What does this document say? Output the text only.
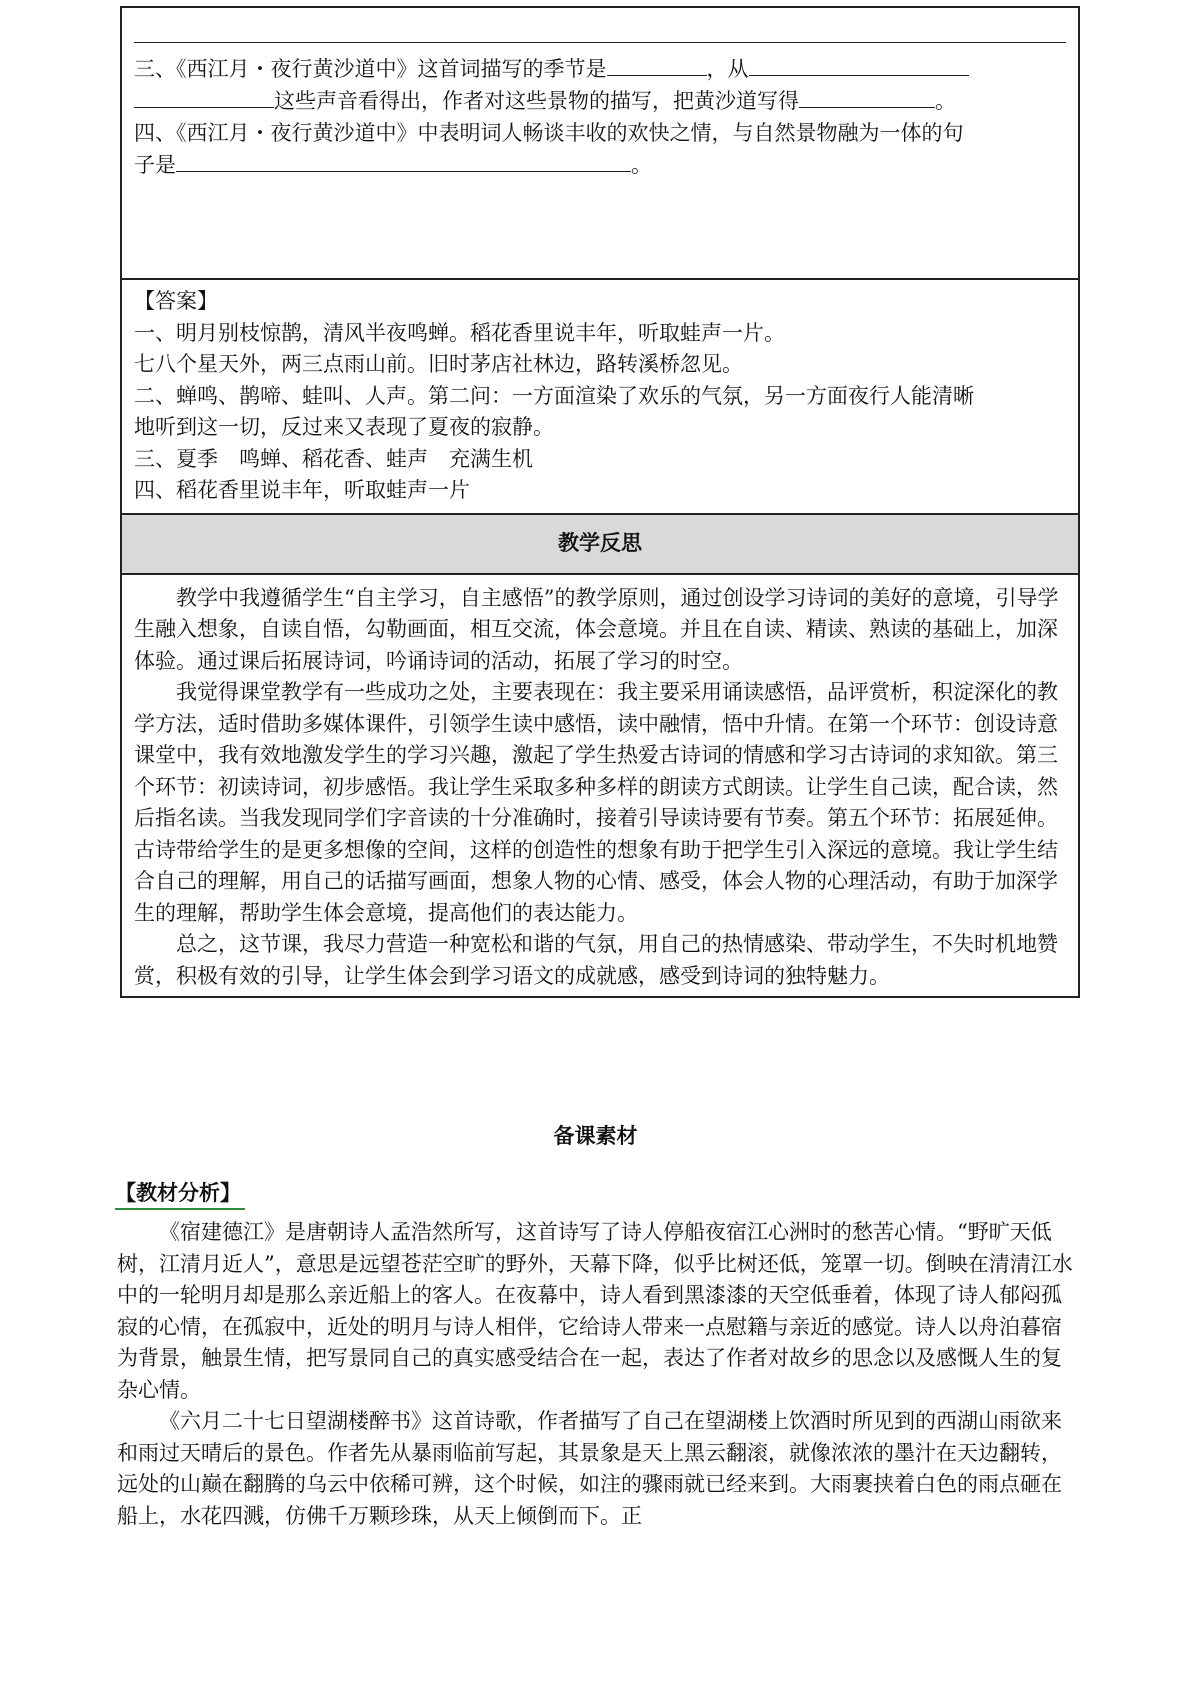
三、《西江月・夜行黄沙道中》这首词描写的季节是	，从
这些声音看得出，作者对这些景物的描写，把黄沙道写得	。
四、《西江月・夜行黄沙道中》中表明词人畅谈丰收的欢快之情，与自然景物融为一体的句
子是	。

【答案】
一、明月别枝惊鹊，清风半夜鸣蝉。稻花香里说丰年，听取蛙声一片。
七八个星天外，两三点雨山前。旧时茅店社林边，路转溪桥忽见。
二、蝉鸣、鹊啼、蛙叫、人声。第二问：一方面渲染了欢乐的气氛，另一方面夜行人能清晰
地听到这一切，反过来又表现了夏夜的寂静。
三、夏季　鸣蝉、稻花香、蛙声　充满生机
四、稻花香里说丰年，听取蛙声一片

教学反思

教学中我遵循学生“自主学习，自主感悟”的教学原则，通过创设学习诗词的美好的意境，引导学生融入想象，自读自悟，勾勒画面，相互交流，体会意境。并且在自读、精读、熟读的基础上，加深体验。通过课后拓展诗词，吟诵诗词的活动，拓展了学习的时空。

我觉得课堂教学有一些成功之处，主要表现在：我主要采用诵读感悟，品评赏析，积淀深化的教学方法，适时借助多媒体课件，引领学生读中感悟，读中融情，悟中升情。在第一个环节：创设诗意课堂中，我有效地激发学生的学习兴趣，激起了学生热爱古诗词的情感和学习古诗词的求知欲。第三个环节：初读诗词，初步感悟。我让学生采取多种多样的朗读方式朗读。让学生自己读，配合读，然后指名读。当我发现同学们字音读的十分准确时，接着引导读诗要有节奏。第五个环节：拓展延伸。古诗带给学生的是更多想像的空间，这样的创造性的想象有助于把学生引入深远的意境。我让学生结合自己的理解，用自己的话描写画面，想象人物的心情、感受，体会人物的心理活动，有助于加深学生的理解，帮助学生体会意境，提高他们的表达能力。

总之，这节课，我尽力营造一种宽松和谐的气氛，用自己的热情感染、带动学生，不失时机地赞赏，积极有效的引导，让学生体会到学习语文的成就感，感受到诗词的独特魅力。

备课素材
【教材分析】

《宿建德江》是唐朝诗人孟浩然所写，这首诗写了诗人停船夜宿江心洲时的愁苦心情。“野旷天低树，江清月近人”，意思是远望苍茫空旷的野外，天幕下降，似乎比树还低，笼罩一切。倒映在清清江水中的一轮明月却是那么亲近船上的客人。在夜幕中，诗人看到黑漆漆的天空低垂着，体现了诗人郁闷孤寂的心情，在孤寂中，近处的明月与诗人相伴，它给诗人带来一点慰籍与亲近的感觉。诗人以舟泊暮宿为背景，触景生情，把写景同自己的真实感受结合在一起，表达了作者对故乡的思念以及感慨人生的复杂心情。

《六月二十七日望湖楼醉书》这首诗歌，作者描写了自己在望湖楼上饮酒时所见到的西湖山雨欲来和雨过天晴后的景色。作者先从暴雨临前写起，其景象是天上黑云翻滚，就像浓浓的墨汁在天边翻转，远处的山巅在翻腾的乌云中依稀可辨，这个时候，如注的骤雨就已经来到。大雨裹挟着白色的雨点砸在船上，水花四溅，仿佛千万颗珍珠，从天上倾倒而下。正
